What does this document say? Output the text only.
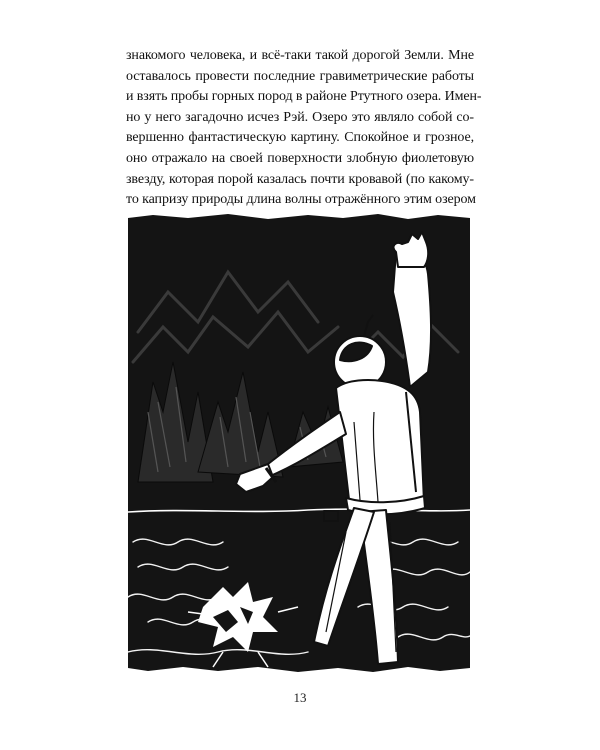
знакомого человека, и всё-таки такой дорогой Земли. Мне
оставалось провести последние гравиметрические работы
и взять пробы горных пород в районе Ртутного озера. Имен-
но у него загадочно исчез Рэй. Озеро это являло собой со-
вершенно фантастическую картину. Спокойное и грозное,
оно отражало на своей поверхности злобную фиолетовую
звезду, которая порой казалась почти кровавой (по какому-
то капризу природы длина волны отражённого этим озером
13
